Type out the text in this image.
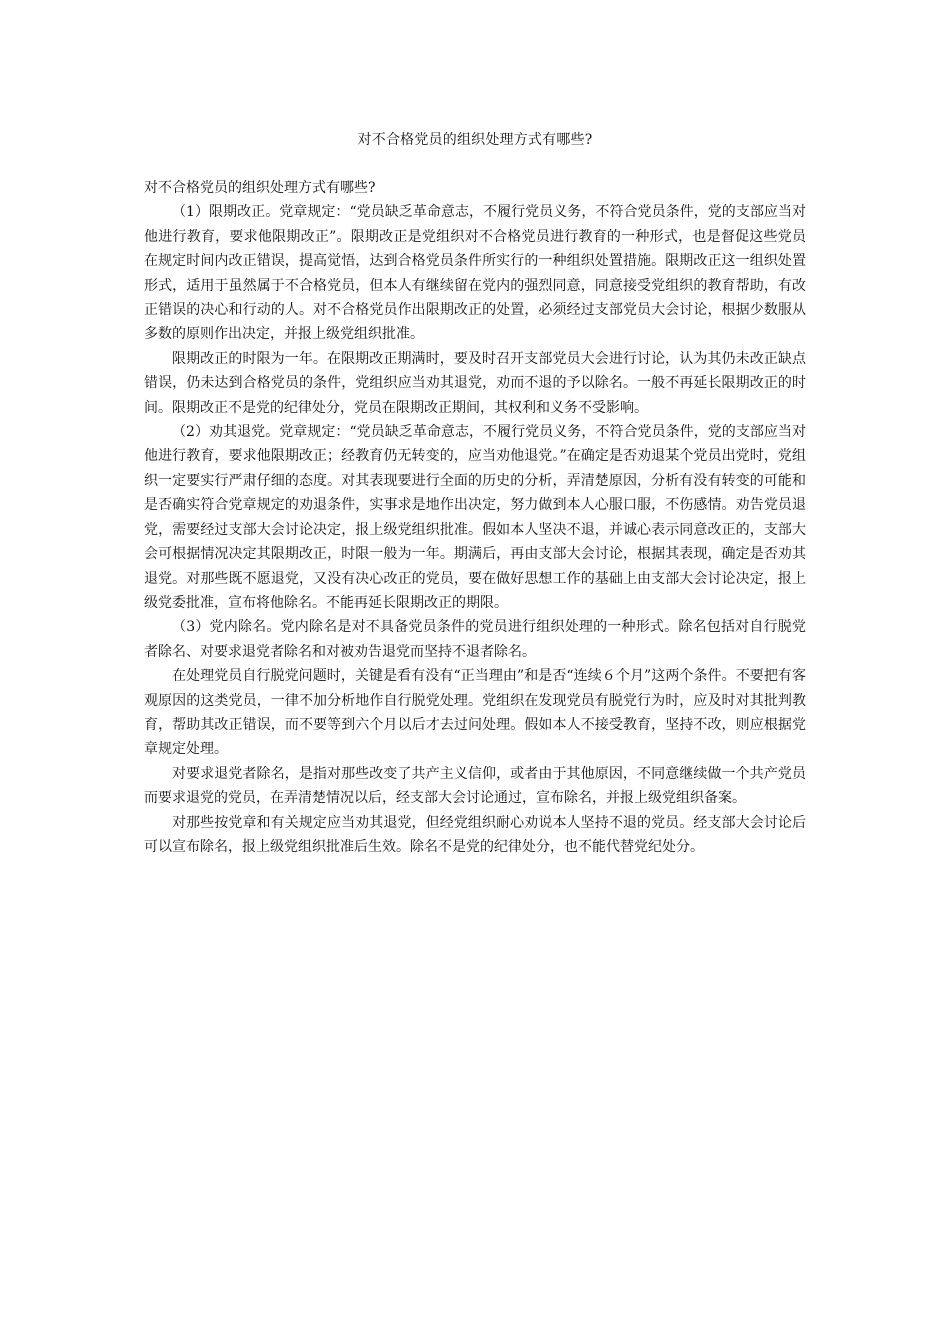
对不合格党员的组织处理方式有哪些?

对不合格党员的组织处理方式有哪些?

（1）限期改正。党章规定：“党员缺乏革命意志，不履行党员义务，不符合党员条件，党的支部应当对他进行教育，要求他限期改正”。限期改正是党组织对不合格党员进行教育的一种形式，也是督促这些党员在规定时间内改正错误，提高觉悟，达到合格党员条件所实行的一种组织处置措施。限期改正这一组织处置形式，适用于虽然属于不合格党员，但本人有继续留在党内的强烈同意，同意接受党组织的教育帮助，有改正错误的决心和行动的人。对不合格党员作出限期改正的处置，必须经过支部党员大会讨论，根据少数服从多数的原则作出决定，并报上级党组织批准。

限期改正的时限为一年。在限期改正期满时，要及时召开支部党员大会进行讨论，认为其仍未改正缺点错误，仍未达到合格党员的条件，党组织应当劝其退党，劝而不退的予以除名。一般不再延长限期改正的时间。限期改正不是党的纪律处分，党员在限期改正期间，其权利和义务不受影响。

（2）劝其退党。党章规定：“党员缺乏革命意志，不履行党员义务，不符合党员条件，党的支部应当对他进行教育，要求他限期改正；经教育仍无转变的，应当劝他退党。”在确定是否劝退某个党员出党时，党组织一定要实行严肃仔细的态度。对其表现要进行全面的历史的分析，弄清楚原因，分析有没有转变的可能和是否确实符合党章规定的劝退条件，实事求是地作出决定，努力做到本人心服口服，不伤感情。劝告党员退党，需要经过支部大会讨论决定，报上级党组织批准。假如本人坚决不退，并诚心表示同意改正的，支部大会可根据情况决定其限期改正，时限一般为一年。期满后，再由支部大会讨论，根据其表现，确定是否劝其退党。对那些既不愿退党，又没有决心改正的党员，要在做好思想工作的基础上由支部大会讨论决定，报上级党委批准，宣布将他除名。不能再延长限期改正的期限。

（3）党内除名。党内除名是对不具备党员条件的党员进行组织处理的一种形式。除名包括对自行脱党者除名、对要求退党者除名和对被劝告退党而坚持不退者除名。

在处理党员自行脱党问题时，关键是看有没有“正当理由”和是否“连续６个月”这两个条件。不要把有客观原因的这类党员，一律不加分析地作自行脱党处理。党组织在发现党员有脱党行为时，应及时对其批判教育，帮助其改正错误，而不要等到六个月以后才去过问处理。假如本人不接受教育，坚持不改，则应根据党章规定处理。

对要求退党者除名，是指对那些改变了共产主义信仰，或者由于其他原因，不同意继续做一个共产党员而要求退党的党员，在弄清楚情况以后，经支部大会讨论通过，宣布除名，并报上级党组织备案。

对那些按党章和有关规定应当劝其退党，但经党组织耐心劝说本人坚持不退的党员。经支部大会讨论后可以宣布除名，报上级党组织批准后生效。除名不是党的纪律处分，也不能代替党纪处分。
